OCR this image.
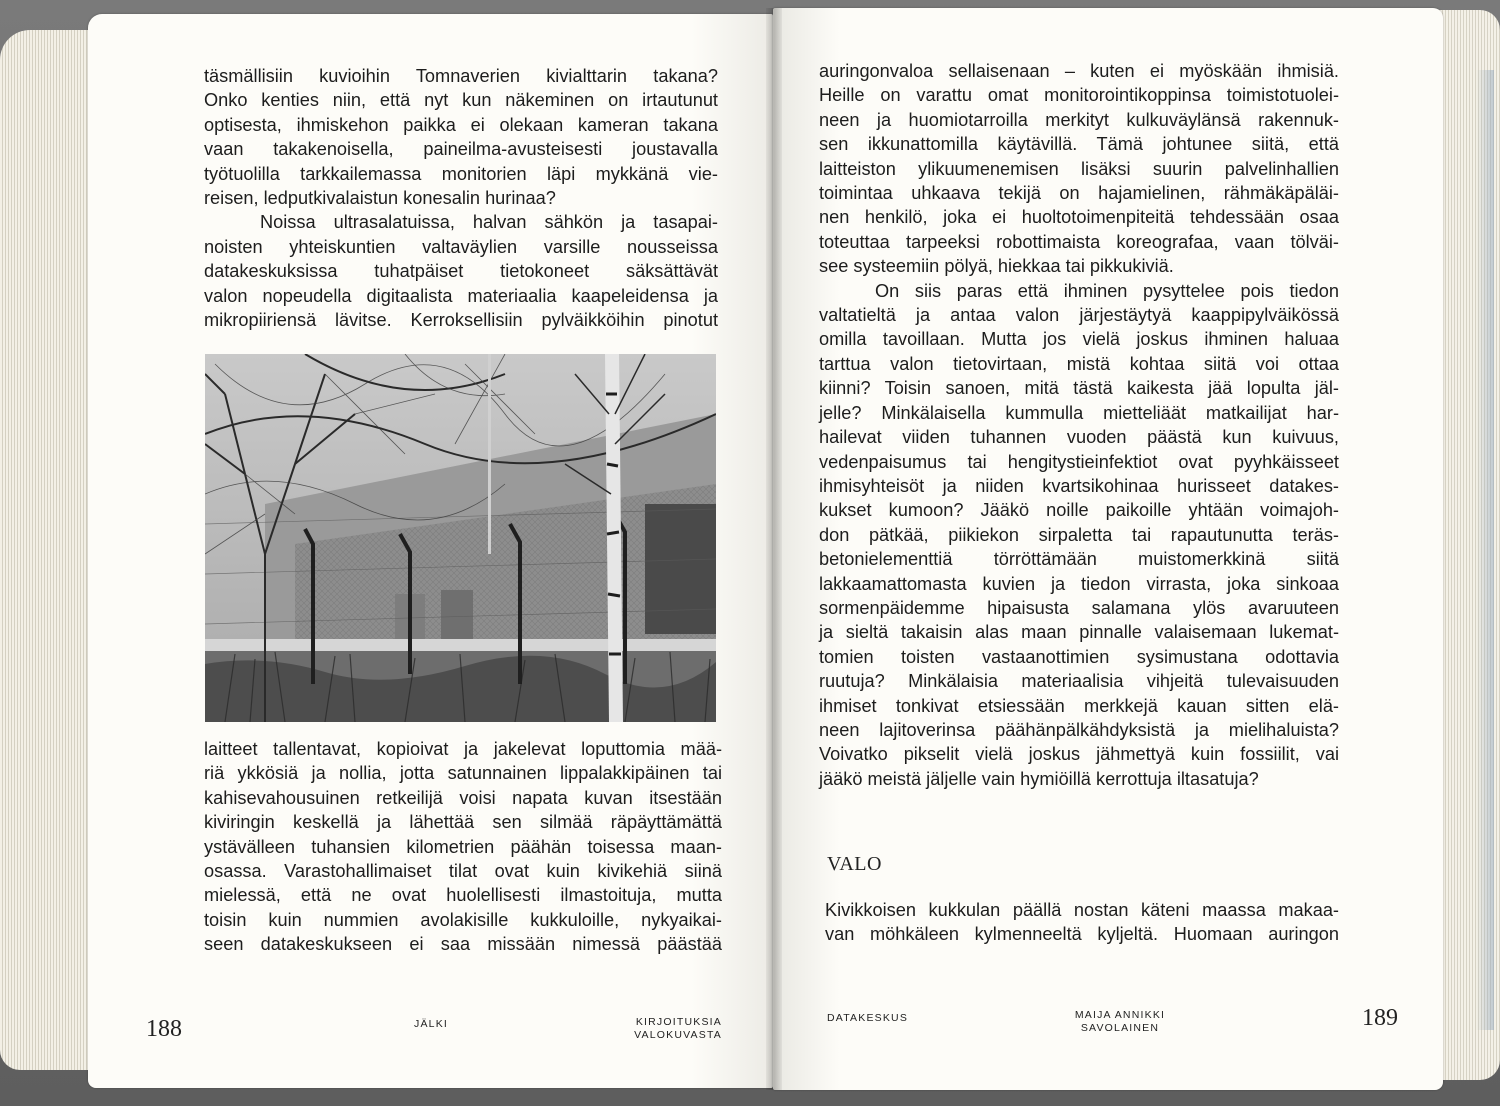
täsmällisiin kuvioihin Tomnaverien kivialttarin takana?
Onko kenties niin, että nyt kun näkeminen on irtautunut
optisesta, ihmiskehon paikka ei olekaan kameran takana
vaan takakenoisella, paineilma-avusteisesti joustavalla
työtuolilla tarkkailemassa monitorien läpi mykkänä vie-
reisen, ledputkivalaistun konesalin hurinaa?
Noissa ultrasalatuissa, halvan sähkön ja tasapai-
noisten yhteiskuntien valtaväylien varsille nousseissa
datakeskuksissa tuhatpäiset tietokoneet säksättävät
valon nopeudella digitaalista materiaalia kaapeleidensa ja
mikropiiriensä lävitse. Kerroksellisiin pylväikköihin pinotut
laitteet tallentavat, kopioivat ja jakelevat loputtomia mää-
riä ykkösiä ja nollia, jotta satunnainen lippalakkipäinen tai
kahisevahousuinen retkeilijä voisi napata kuvan itsestään
kiviringin keskellä ja lähettää sen silmää räpäyttämättä
ystävälleen tuhansien kilometrien päähän toisessa maan-
osassa. Varastohallimaiset tilat ovat kuin kivikehiä siinä
mielessä, että ne ovat huolellisesti ilmastoituja, mutta
toisin kuin nummien avolakisille kukkuloille, nykyaikai-
seen datakeskukseen ei saa missään nimessä päästää
188	JÄLKI	KIRJOITUKSIA
VALOKUVASTA
auringonvaloa sellaisenaan – kuten ei myöskään ihmisiä.
Heille on varattu omat monitorointikoppinsa toimistotuolei-
neen ja huomiotarroilla merkityt kulkuväylänsä rakennuk-
sen ikkunattomilla käytävillä. Tämä johtunee siitä, että
laitteiston ylikuumenemisen lisäksi suurin palvelinhallien
toimintaa uhkaava tekijä on hajamielinen, rähmäkäpäläi-
nen henkilö, joka ei huoltotoimenpiteitä tehdessään osaa
toteuttaa tarpeeksi robottimaista koreografaa, vaan tölväi-
see systeemiin pölyä, hiekkaa tai pikkukiviä.
On siis paras että ihminen pysyttelee pois tiedon
valtatieltä ja antaa valon järjestäytyä kaappipylväikössä
omilla tavoillaan. Mutta jos vielä joskus ihminen haluaa
tarttua valon tietovirtaan, mistä kohtaa siitä voi ottaa
kiinni? Toisin sanoen, mitä tästä kaikesta jää lopulta jäl-
jelle? Minkälaisella kummulla mietteliäät matkailijat har-
hailevat viiden tuhannen vuoden päästä kun kuivuus,
vedenpaisumus tai hengitystieinfektiot ovat pyyhkäisseet
ihmisyhteisöt ja niiden kvartsikohinaa hurisseet datakes-
kukset kumoon? Jääkö noille paikoille yhtään voimajoh-
don pätkää, piikiekon sirpaletta tai rapautunutta teräs-
betonielementtiä törröttämään muistomerkkinä siitä
lakkaamattomasta kuvien ja tiedon virrasta, joka sinkoaa
sormenpäidemme hipaisusta salamana ylös avaruuteen
ja sieltä takaisin alas maan pinnalle valaisemaan lukemat-
tomien toisten vastaanottimien sysimustana odottavia
ruutuja? Minkälaisia materiaalisia vihjeitä tulevaisuuden
ihmiset tonkivat etsiessään merkkejä kauan sitten elä-
neen lajitoverinsa päähänpälkähdyksistä ja mielihaluista?
Voivatko pikselit vielä joskus jähmettyä kuin fossiilit, vai
jääkö meistä jäljelle vain hymiöillä kerrottuja iltasatuja?
VALO
Kivikkoisen kukkulan päällä nostan käteni maassa makaa-
van möhkäleen kylmenneeltä kyljeltä. Huomaan auringon
DATAKESKUS	MAIJA ANNIKKI
SAVOLAINEN	189
